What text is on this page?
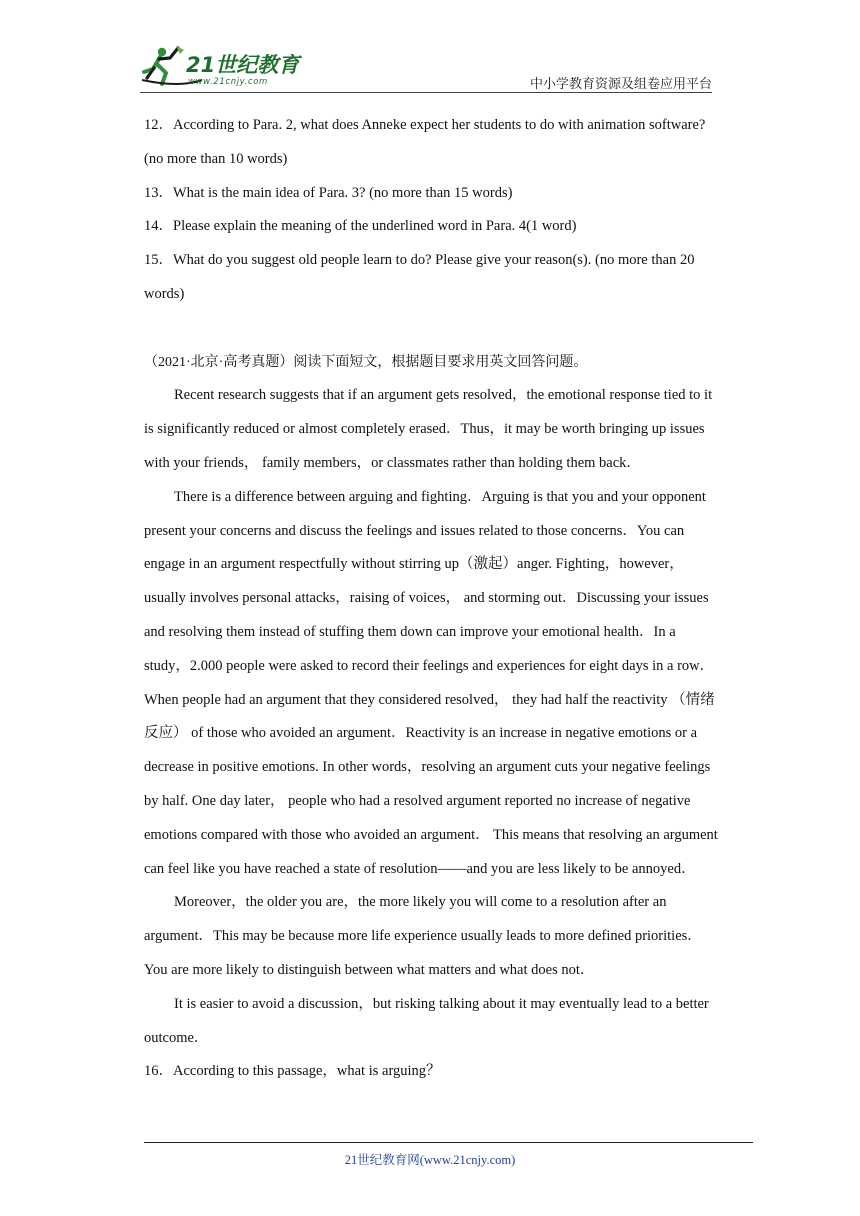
21世纪教育
www.21cnjy.com	中小学教育资源及组卷应用平台

12．According to Para. 2, what does Anneke expect her students to do with animation software? (no more than 10 words)

13．What is the main idea of Para. 3? (no more than 15 words)

14．Please explain the meaning of the underlined word in Para. 4(1 word)

15．What do you suggest old people learn to do? Please give your reason(s). (no more than 20 words)

（2021·北京·高考真题）阅读下面短文，根据题目要求用英文回答问题。

Recent research suggests that if an argument gets resolved，the emotional response tied to it is significantly reduced or almost completely erased．Thus，it may be worth bringing up issues with your friends， family members，or classmates rather than holding them back．

There is a difference between arguing and fighting．Arguing is that you and your opponent present your concerns and discuss the feelings and issues related to those concerns．You can engage in an argument respectfully without stirring up（激起）anger. Fighting，however，usually involves personal attacks，raising of voices， and storming out．Discussing your issues and resolving them instead of stuffing them down can improve your emotional health．In a study，2.000 people were asked to record their feelings and experiences for eight days in a row．When people had an argument that they considered resolved， they had half the reactivity （情绪反应） of those who avoided an argument．Reactivity is an increase in negative emotions or a decrease in positive emotions. In other words，resolving an argument cuts your negative feelings by half. One day later， people who had a resolved argument reported no increase of negative emotions compared with those who avoided an argument． This means that resolving an argument can feel like you have reached a state of resolution——and you are less likely to be annoyed．

Moreover，the older you are，the more likely you will come to a resolution after an argument．This may be because more life experience usually leads to more defined priorities．You are more likely to distinguish between what matters and what does not．

It is easier to avoid a discussion，but risking talking about it may eventually lead to a better outcome．

16．According to this passage，what is arguing？

21世纪教育网(www.21cnjy.com)
